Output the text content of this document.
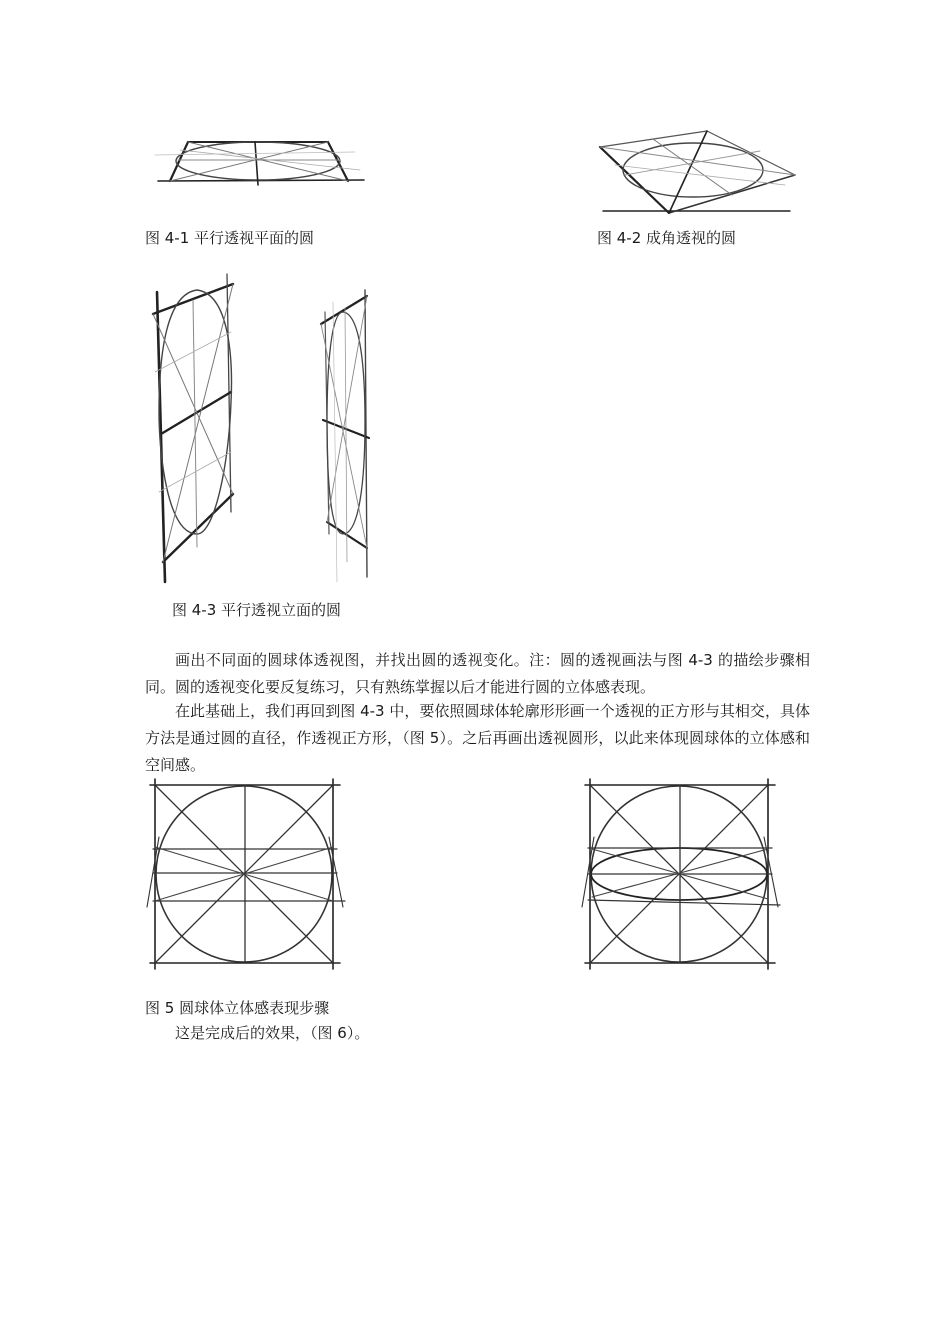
图 4-1 平行透视平面的圆	图 4-2 成角透视的圆
图 4-3 平行透视立面的圆

画出不同面的圆球体透视图，并找出圆的透视变化。注：圆的透视画法与图 4-3 的描绘步骤相同。圆的透视变化要反复练习，只有熟练掌握以后才能进行圆的立体感表现。

在此基础上，我们再回到图 4-3 中，要依照圆球体轮廓形形画一个透视的正方形与其相交，具体方法是通过圆的直径，作透视正方形，（图 5）。之后再画出透视圆形，以此来体现圆球体的立体感和空间感。

图 5 圆球体立体感表现步骤

这是完成后的效果，（图 6）。
